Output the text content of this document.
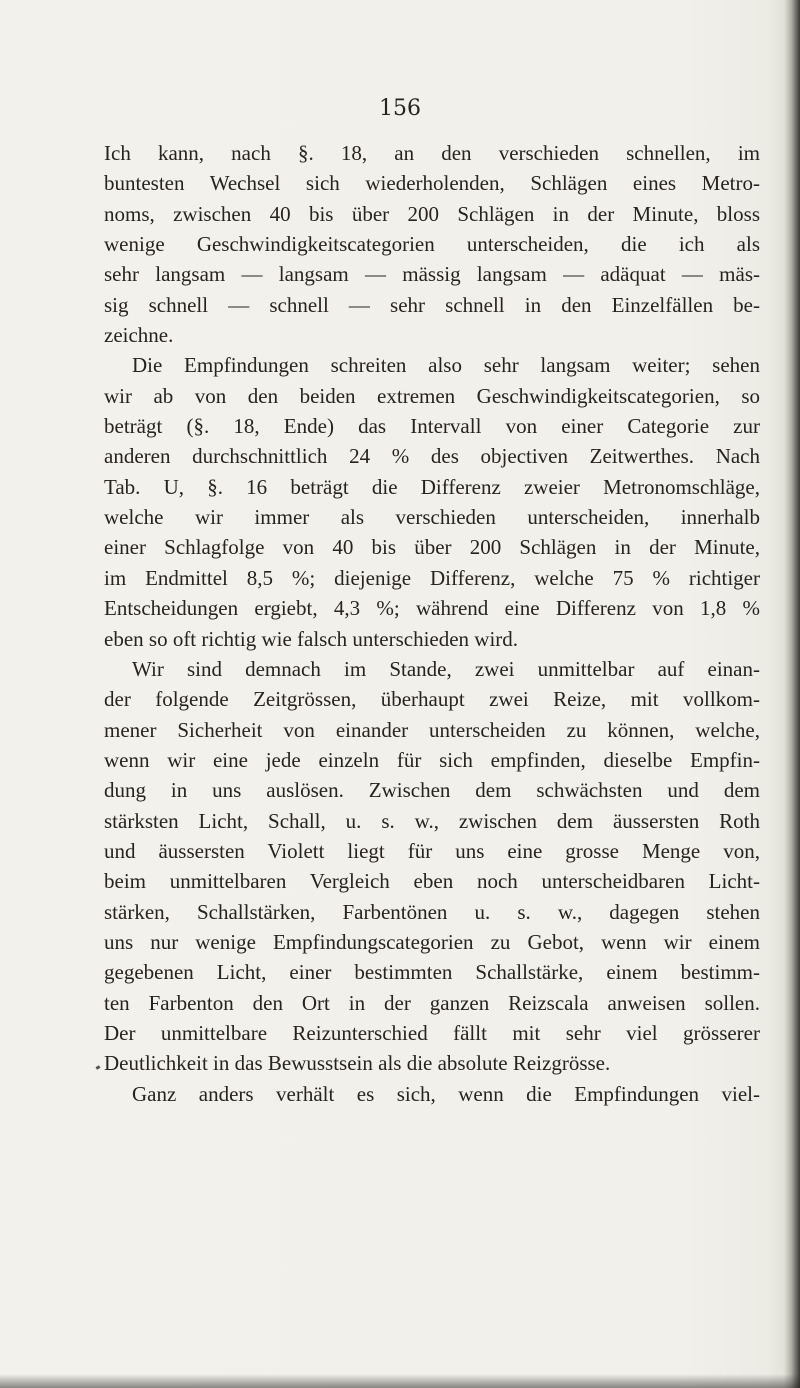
156
Ich kann, nach §. 18, an den verschieden schnellen, im
buntesten Wechsel sich wiederholenden, Schlägen eines Metro-
noms, zwischen 40 bis über 200 Schlägen in der Minute, bloss
wenige Geschwindigkeitscategorien unterscheiden, die ich als
sehr langsam — langsam — mässig langsam — adäquat — mäs-
sig schnell — schnell — sehr schnell in den Einzelfällen be-
zeichne.
Die Empfindungen schreiten also sehr langsam weiter; sehen
wir ab von den beiden extremen Geschwindigkeitscategorien, so
beträgt (§. 18, Ende) das Intervall von einer Categorie zur
anderen durchschnittlich 24 % des objectiven Zeitwerthes. Nach
Tab. U, §. 16 beträgt die Differenz zweier Metronomschläge,
welche wir immer als verschieden unterscheiden, innerhalb
einer Schlagfolge von 40 bis über 200 Schlägen in der Minute,
im Endmittel 8,5 %; diejenige Differenz, welche 75 % richtiger
Entscheidungen ergiebt, 4,3 %; während eine Differenz von 1,8 %
eben so oft richtig wie falsch unterschieden wird.
Wir sind demnach im Stande, zwei unmittelbar auf einan-
der folgende Zeitgrössen, überhaupt zwei Reize, mit vollkom-
mener Sicherheit von einander unterscheiden zu können, welche,
wenn wir eine jede einzeln für sich empfinden, dieselbe Empfin-
dung in uns auslösen. Zwischen dem schwächsten und dem
stärksten Licht, Schall, u. s. w., zwischen dem äussersten Roth
und äussersten Violett liegt für uns eine grosse Menge von,
beim unmittelbaren Vergleich eben noch unterscheidbaren Licht-
stärken, Schallstärken, Farbentönen u. s. w., dagegen stehen
uns nur wenige Empfindungscategorien zu Gebot, wenn wir einem
gegebenen Licht, einer bestimmten Schallstärke, einem bestimm-
ten Farbenton den Ort in der ganzen Reizscala anweisen sollen.
Der unmittelbare Reizunterschied fällt mit sehr viel grösserer
Deutlichkeit in das Bewusstsein als die absolute Reizgrösse.
Ganz anders verhält es sich, wenn die Empfindungen viel-
